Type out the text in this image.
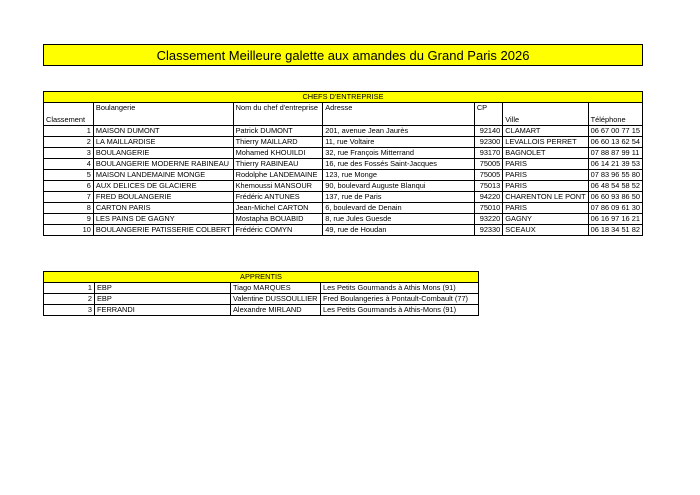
Classement Meilleure galette aux amandes du Grand Paris 2026
CHEFS D'ENTREPRISE						
Classement	Boulangerie	Nom du chef d'entreprise	Adresse	CP	Ville	Téléphone
1	MAISON DUMONT	Patrick DUMONT	201, avenue Jean Jaurès	92140	CLAMART	06 67 00 77 15
2	LA MAILLARDISE	Thierry MAILLARD	11, rue Voltaire	92300	LEVALLOIS PERRET	06 60 13 62 54
3	BOULANGERIE	Mohamed KHOUILDI	32, rue François Mitterrand	93170	BAGNOLET	07 88 87 99 11
4	BOULANGERIE MODERNE RABINEAU	Thierry RABINEAU	16, rue des Fossés Saint-Jacques	75005	PARIS	06 14 21 39 53
5	MAISON LANDEMAINE MONGE	Rodolphe LANDEMAINE	123, rue Monge	75005	PARIS	07 83 96 55 80
6	AUX DELICES DE GLACIERE	Khemoussi MANSOUR	90, boulevard Auguste Blanqui	75013	PARIS	06 48 54 58 52
7	FRED BOULANGERIE	Frédéric ANTUNES	137, rue de Paris	94220	CHARENTON LE PONT	06 60 93 86 50
8	CARTON PARIS	Jean-Michel CARTON	6, boulevard de Denain	75010	PARIS	07 86 09 61 30
9	LES PAINS DE GAGNY	Mostapha BOUABID	8, rue Jules Guesde	93220	GAGNY	06 16 97 16 21
10	BOULANGERIE PATISSERIE COLBERT	Frédéric COMYN	49, rue de Houdan	92330	SCEAUX	06 18 34 51 82
APPRENTIS			
1	EBP	Tiago MARQUES	Les Petits Gourmands à Athis Mons (91)
2	EBP	Valentine DUSSOULLIER	Fred Boulangeries à Pontault-Combault (77)
3	FERRANDI	Alexandre MIRLAND	Les Petits Gourmands à Athis-Mons (91)
